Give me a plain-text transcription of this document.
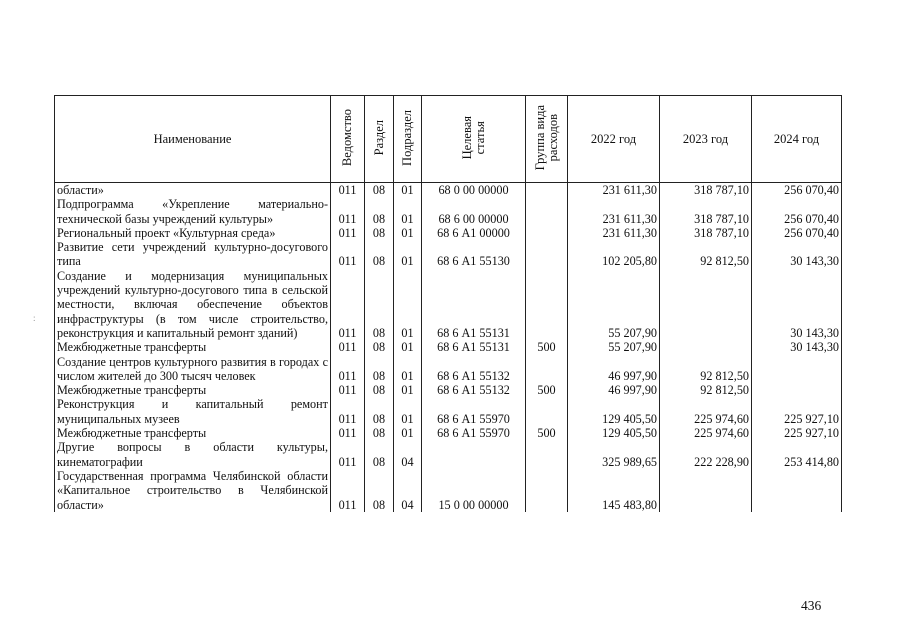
Наименование	Ведомство	Раздел	Подраздел	Целевая
статья	Группа вида
расходов	2022 год	2023 год	2024 год
области»	011	08	01	68 0 00 00000		231 611,30	318 787,10	256 070,40
Подпрограмма «Укрепление материально-технической базы учреждений культуры»	011	08	01	68 6 00 00000		231 611,30	318 787,10	256 070,40
Региональный проект «Культурная среда»	011	08	01	68 6 А1 00000		231 611,30	318 787,10	256 070,40
Развитие сети учреждений культурно-досугового типа	011	08	01	68 6 А1 55130		102 205,80	92 812,50	30 143,30
Создание и модернизация муниципальных учреждений культурно-досугового типа в сельской местности, включая обеспечение объектов инфраструктуры (в том числе строительство, реконструкция и капитальный ремонт зданий)	011	08	01	68 6 А1 55131		55 207,90		30 143,30
Межбюджетные трансферты	011	08	01	68 6 А1 55131	500	55 207,90		30 143,30
Создание центров культурного развития в городах с числом жителей до 300 тысяч человек	011	08	01	68 6 А1 55132		46 997,90	92 812,50	
Межбюджетные трансферты	011	08	01	68 6 А1 55132	500	46 997,90	92 812,50	
Реконструкция и капитальный ремонт муниципальных музеев	011	08	01	68 6 А1 55970		129 405,50	225 974,60	225 927,10
Межбюджетные трансферты	011	08	01	68 6 А1 55970	500	129 405,50	225 974,60	225 927,10
Другие вопросы в области культуры, кинематографии	011	08	04			325 989,65	222 228,90	253 414,80
Государственная программа Челябинской области «Капитальное строительство в Челябинской области»	011	08	04	15 0 00 00000		145 483,80		
436
:
